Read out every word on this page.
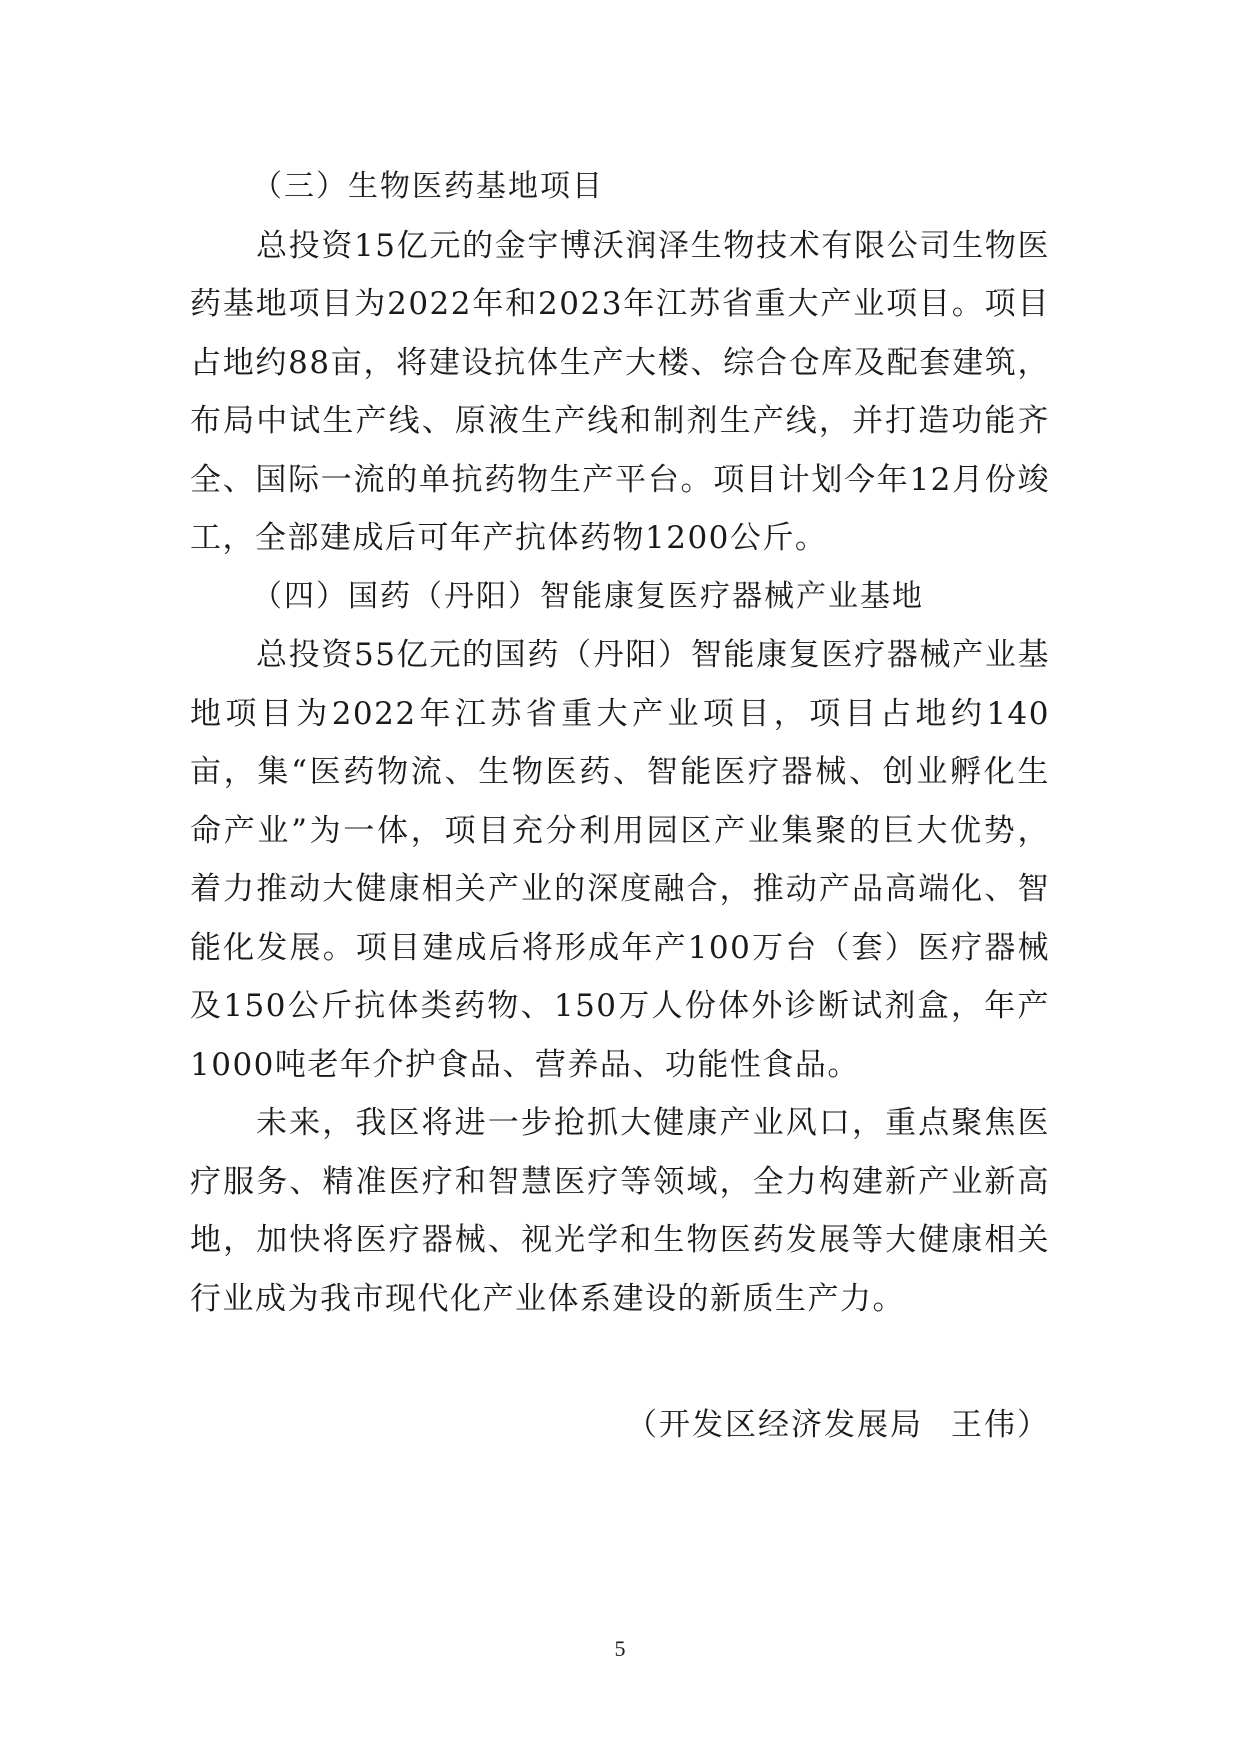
（三）生物医药基地项目

总投资15亿元的金宇博沃润泽生物技术有限公司生物医药基地项目为2022年和2023年江苏省重大产业项目。项目占地约88亩，将建设抗体生产大楼、综合仓库及配套建筑，布局中试生产线、原液生产线和制剂生产线，并打造功能齐全、国际一流的单抗药物生产平台。项目计划今年12月份竣工，全部建成后可年产抗体药物1200公斤。

（四）国药（丹阳）智能康复医疗器械产业基地

总投资55亿元的国药（丹阳）智能康复医疗器械产业基地项目为2022年江苏省重大产业项目，项目占地约140亩，集“医药物流、生物医药、智能医疗器械、创业孵化生命产业”为一体，项目充分利用园区产业集聚的巨大优势，着力推动大健康相关产业的深度融合，推动产品高端化、智能化发展。项目建成后将形成年产100万台（套）医疗器械及150公斤抗体类药物、150万人份体外诊断试剂盒，年产1000吨老年介护食品、营养品、功能性食品。

未来，我区将进一步抢抓大健康产业风口，重点聚焦医疗服务、精准医疗和智慧医疗等领域，全力构建新产业新高地，加快将医疗器械、视光学和生物医药发展等大健康相关行业成为我市现代化产业体系建设的新质生产力。

（开发区经济发展局 王伟）

5
